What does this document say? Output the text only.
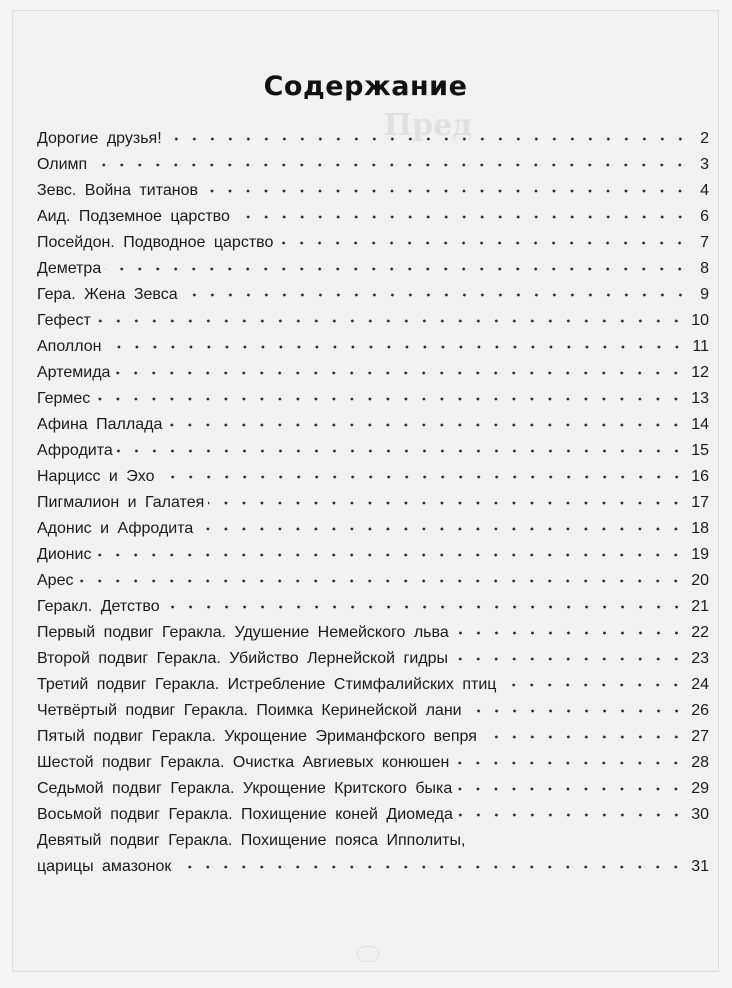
Пред
Содержание
Дорогие друзья!	2
Олимп	3
Зевс. Война титанов	4
Аид. Подземное царство	6
Посейдон. Подводное царство	7
Деметра	8
Гера. Жена Зевса	9
Гефест	10
Аполлон	11
Артемида	12
Гермес	13
Афина Паллада	14
Афродита	15
Нарцисс и Эхо	16
Пигмалион и Галатея	17
Адонис и Афродита	18
Дионис	19
Арес	20
Геракл. Детство	21
Первый подвиг Геракла. Удушение Немейского льва	22
Второй подвиг Геракла. Убийство Лернейской гидры	23
Третий подвиг Геракла. Истребление Стимфалийских птиц	24
Четвёртый подвиг Геракла. Поимка Керинейской лани	26
Пятый подвиг Геракла. Укрощение Эриманфского вепря	27
Шестой подвиг Геракла. Очистка Авгиевых конюшен	28
Седьмой подвиг Геракла. Укрощение Критского быка	29
Восьмой подвиг Геракла. Похищение коней Диомеда	30
Девятый подвиг Геракла. Похищение пояса Ипполиты,
царицы амазонок	31
